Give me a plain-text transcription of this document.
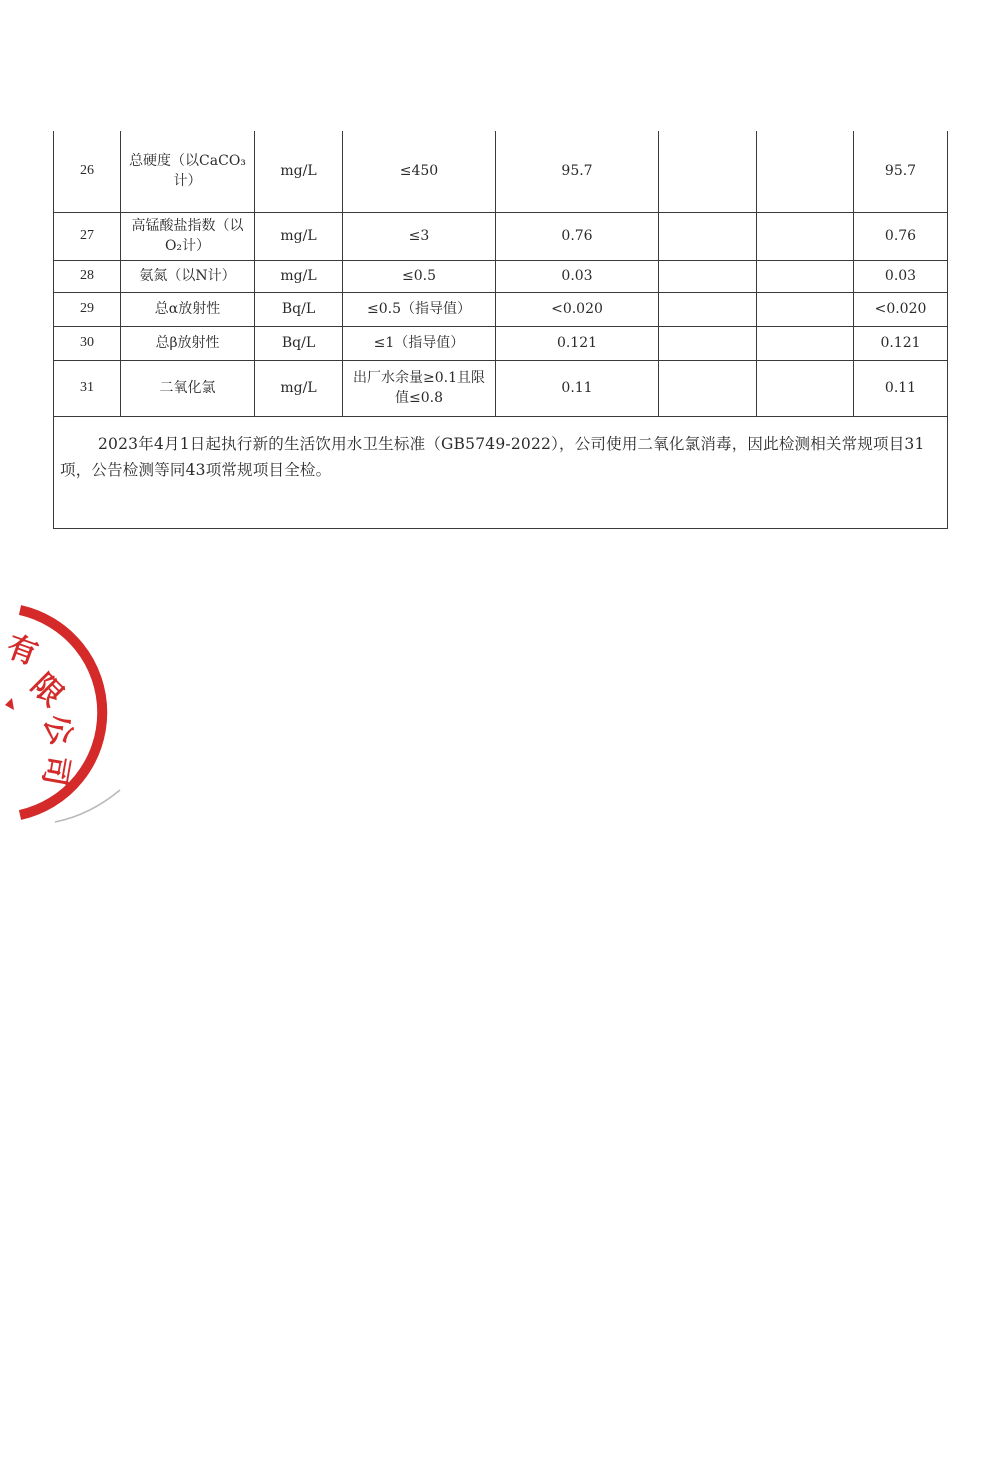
26	总硬度（以CaCO₃计）	mg/L	≤450	95.7			95.7
27	高锰酸盐指数（以O₂计）	mg/L	≤3	0.76			0.76
28	氨氮（以N计）	mg/L	≤0.5	0.03			0.03
29	总α放射性	Bq/L	≤0.5（指导值）	<0.020			<0.020
30	总β放射性	Bq/L	≤1（指导值）	0.121			0.121
31	二氧化氯	mg/L	出厂水余量≥0.1且限值≤0.8	0.11			0.11
2023年4月1日起执行新的生活饮用水卫生标准（GB5749-2022），公司使用二氧化氯消毒，因此检测相关常规项目31项，公告检测等同43项常规项目全检。							
有
限
公
司
